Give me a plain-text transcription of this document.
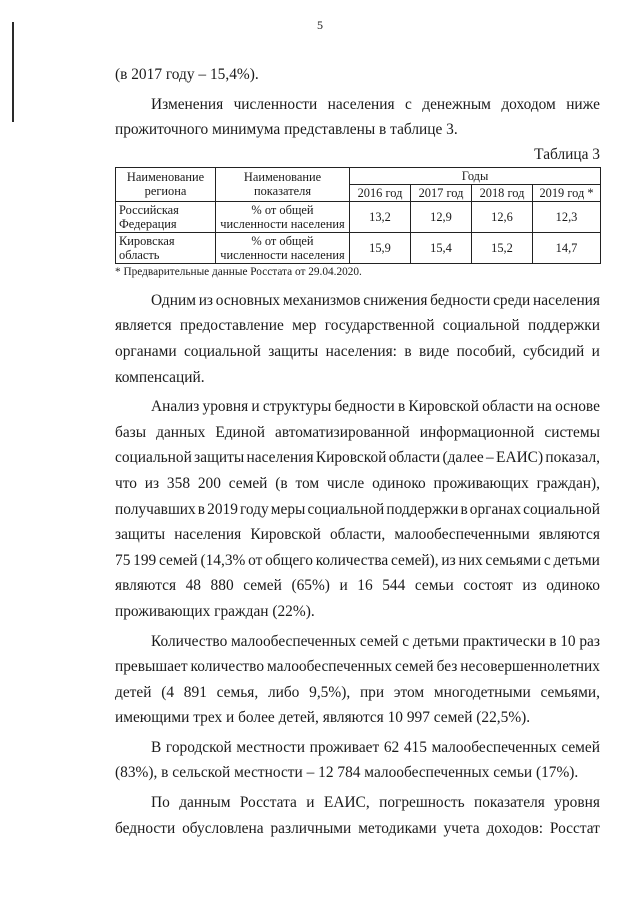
5
(в 2017 году – 15,4%).
Изменения численности населения с денежным доходом ниже
прожиточного минимума представлены в таблице 3.
Таблица 3
Наименование региона	Наименование показателя	Годы			
		2016 год	2017 год	2018 год	2019 год *
Российская Федерация	% от общей численности населения	13,2	12,9	12,6	12,3
Кировская область	% от общей численности населения	15,9	15,4	15,2	14,7
* Предварительные данные Росстата от 29.04.2020.
Одним из основных механизмов снижения бедности среди населения
является предоставление мер государственной социальной поддержки
органами социальной защиты населения: в виде пособий, субсидий и
компенсаций.
Анализ уровня и структуры бедности в Кировской области на основе
базы данных Единой автоматизированной информационной системы
социальной защиты населения Кировской области (далее – ЕАИС) показал,
что из 358 200 семей (в том числе одиноко проживающих граждан),
получавших в 2019 году меры социальной поддержки в органах социальной
защиты населения Кировской области, малообеспеченными являются
75 199 семей (14,3% от общего количества семей), из них семьями с детьми
являются 48 880 семей (65%) и 16 544 семьи состоят из одиноко
проживающих граждан (22%).
Количество малообеспеченных семей с детьми практически в 10 раз
превышает количество малообеспеченных семей без несовершеннолетних
детей (4 891 семья, либо 9,5%), при этом многодетными семьями,
имеющими трех и более детей, являются 10 997 семей (22,5%).
В городской местности проживает 62 415 малообеспеченных семей
(83%), в сельской местности – 12 784 малообеспеченных семьи (17%).
По данным Росстата и ЕАИС, погрешность показателя уровня
бедности обусловлена различными методиками учета доходов: Росстат
